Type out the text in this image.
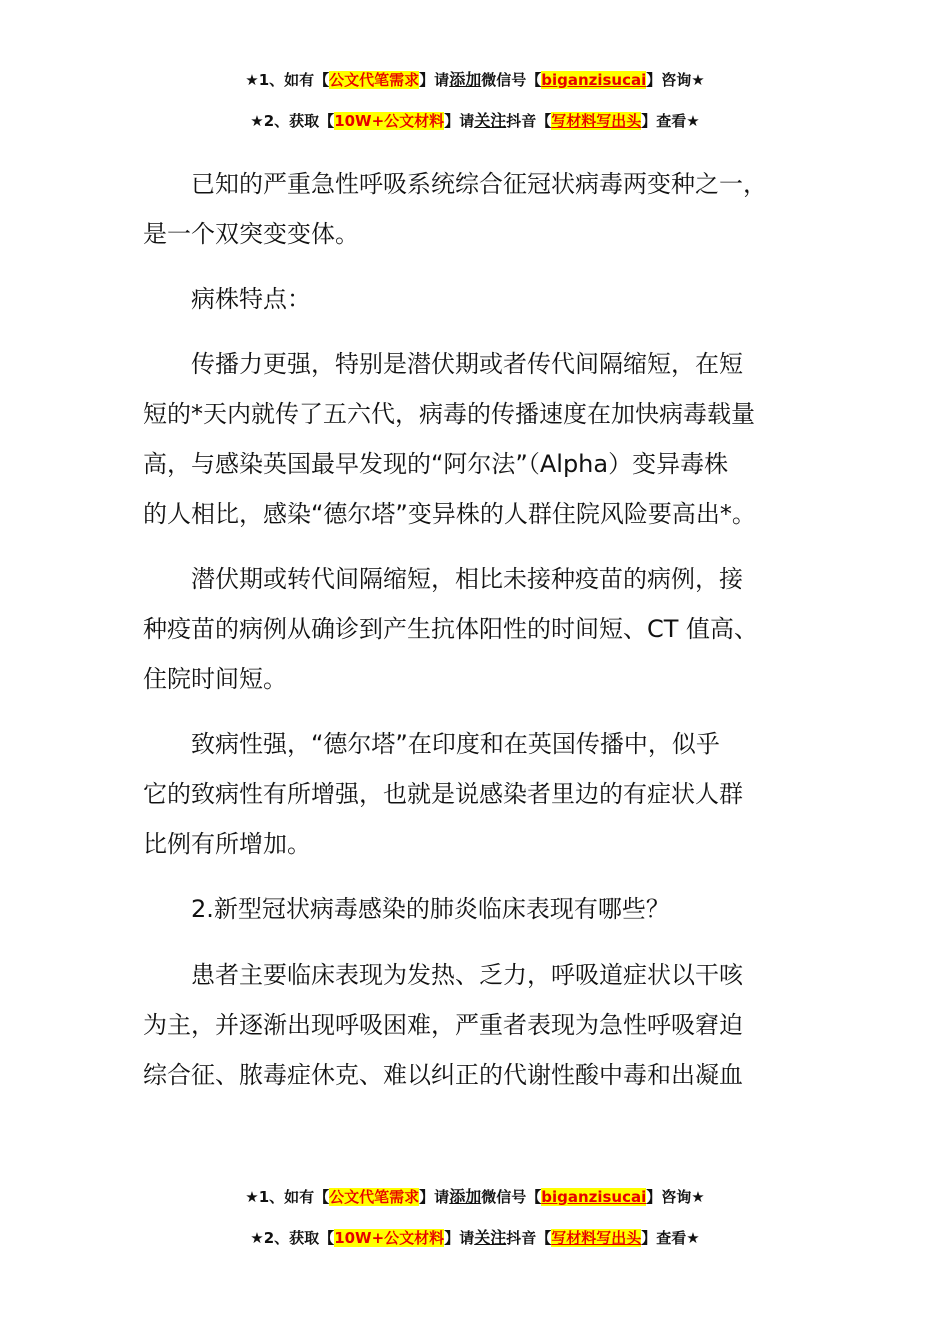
★1、如有【公文代笔需求】请添加微信号【biganzisucai】咨询★
★2、获取【10W+公文材料】请关注抖音【写材料写出头】查看★
　　已知的严重急性呼吸系统综合征冠状病毒两变种之一，
是一个双突变变体。
　　病株特点：
　　传播力更强，特别是潜伏期或者传代间隔缩短，在短
短的*天内就传了五六代，病毒的传播速度在加快病毒载量
高，与感染英国最早发现的“阿尔法”（Alpha）变异毒株
的人相比，感染“德尔塔”变异株的人群住院风险要高出*。
　　潜伏期或转代间隔缩短，相比未接种疫苗的病例，接
种疫苗的病例从确诊到产生抗体阳性的时间短、CT 值高、
住院时间短。
　　致病性强，“德尔塔”在印度和在英国传播中，似乎
它的致病性有所增强，也就是说感染者里边的有症状人群
比例有所增加。
　　2.新型冠状病毒感染的肺炎临床表现有哪些？
　　患者主要临床表现为发热、乏力，呼吸道症状以干咳
为主，并逐渐出现呼吸困难，严重者表现为急性呼吸窘迫
综合征、脓毒症休克、难以纠正的代谢性酸中毒和出凝血
★1、如有【公文代笔需求】请添加微信号【biganzisucai】咨询★
★2、获取【10W+公文材料】请关注抖音【写材料写出头】查看★
